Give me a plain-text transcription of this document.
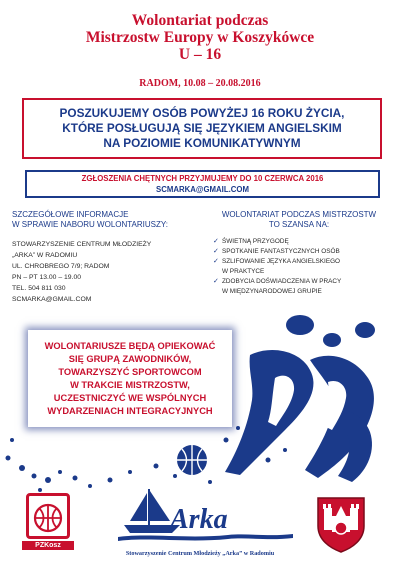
Wolontariat podczas
Mistrzostw Europy w Koszykówce
U – 16
RADOM, 10.08 – 20.08.2016
POSZUKUJEMY OSÓB POWYŻEJ 16 ROKU ŻYCIA,
KTÓRE POSŁUGUJĄ SIĘ JĘZYKIEM ANGIELSKIM
NA POZIOMIE KOMUNIKATYWNYM
ZGŁOSZENIA CHĘTNYCH PRZYJMUJEMY DO 10 CZERWCA 2016
SCMARKA@GMAIL.COM
SZCZEGÓŁOWE INFORMACJE
W SPRAWIE NABORU WOLONTARIUSZY:
STOWARZYSZENIE CENTRUM MŁODZIEŻY
„ARKA” W RADOMIU
UL. CHROBREGO 7/9; RADOM
PN – PT 13.00 – 19.00
TEL. 504 811 030
SCMARKA@GMAIL.COM
WOLONTARIAT PODCZAS MISTRZOSTW
TO SZANSA NA:
✓ ŚWIETNĄ PRZYGODĘ
✓ SPOTKANIE FANTASTYCZNYCH OSÓB
✓ SZLIFOWANIE JĘZYKA ANGIELSKIEGO
W PRAKTYCE
✓ ZDOBYCIA DOŚWIADCZENIA W PRACY
W MIĘDZYNARODOWEJ GRUPIE
WOLONTARIUSZE BĘDĄ OPIEKOWAĆ
SIĘ GRUPĄ ZAWODNIKÓW,
TOWARZYSZYĆ SPORTOWCOM
W TRAKCIE MISTRZOSTW,
UCZESTNICZYĆ WE WSPÓLNYCH
WYDARZENIACH INTEGRACYJNYCH
PZKosz
Arka
Stowarzyszenie Centrum Młodzieży „Arka” w Radomiu
